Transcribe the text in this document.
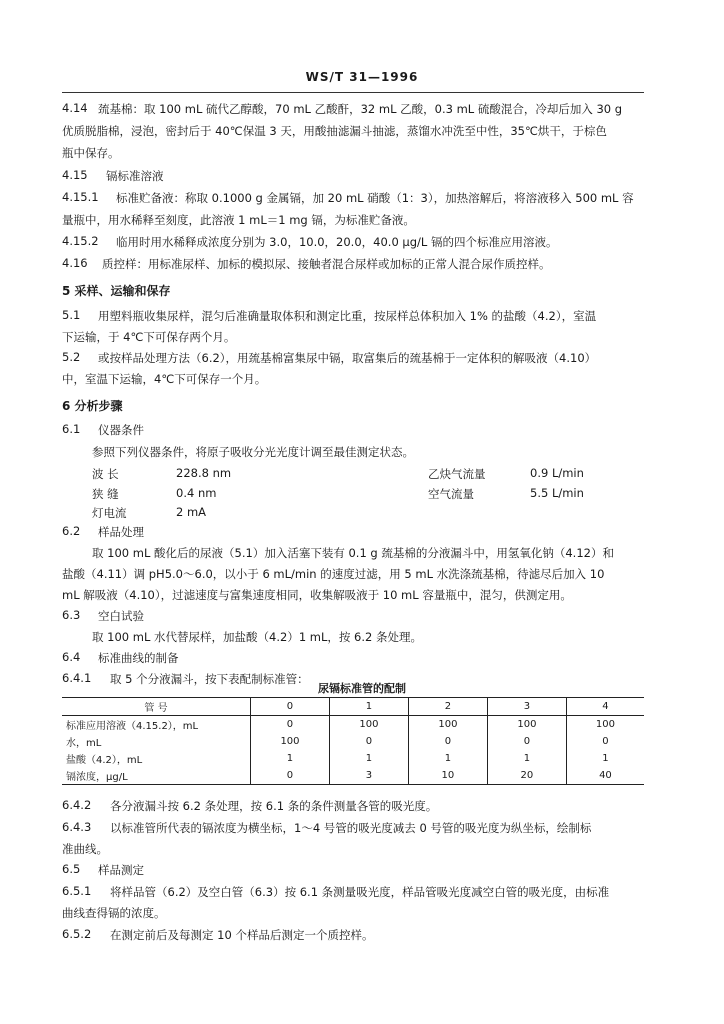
WS/T 31—1996
4.14 巯基棉：取 100 mL 硫代乙醇酸，70 mL 乙酸酐，32 mL 乙酸，0.3 mL 硫酸混合，冷却后加入 30 g
优质脱脂棉，浸泡，密封后于 40℃保温 3 天，用酸抽滤漏斗抽滤，蒸馏水冲洗至中性，35℃烘干，于棕色
瓶中保存。
4.15 镉标准溶液
4.15.1 标准贮备液：称取 0.1000 g 金属镉，加 20 mL 硝酸（1：3），加热溶解后，将溶液移入 500 mL 容
量瓶中，用水稀释至刻度，此溶液 1 mL＝1 mg 镉，为标准贮备液。
4.15.2 临用时用水稀释成浓度分别为 3.0，10.0，20.0，40.0 μg/L 镉的四个标准应用溶液。
4.16 质控样：用标准尿样、加标的模拟尿、接触者混合尿样或加标的正常人混合尿作质控样。
5 采样、运输和保存
5.1 用塑料瓶收集尿样，混匀后准确量取体积和测定比重，按尿样总体积加入 1% 的盐酸（4.2），室温
下运输，于 4℃下可保存两个月。
5.2 或按样品处理方法（6.2），用巯基棉富集尿中镉，取富集后的巯基棉于一定体积的解吸液（4.10）
中，室温下运输，4℃下可保存一个月。
6 分析步骤
6.1 仪器条件
参照下列仪器条件，将原子吸收分光光度计调至最佳测定状态。
波 长	228.8 nm	乙炔气流量	0.9 L/min
狭 缝	0.4 nm	空气流量	5.5 L/min
灯电流	2 mA
6.2 样品处理
取 100 mL 酸化后的尿液（5.1）加入活塞下装有 0.1 g 巯基棉的分液漏斗中，用氢氧化钠（4.12）和
盐酸（4.11）调 pH5.0～6.0，以小于 6 mL/min 的速度过滤，用 5 mL 水洗涤巯基棉，待滤尽后加入 10
mL 解吸液（4.10），过滤速度与富集速度相同，收集解吸液于 10 mL 容量瓶中，混匀，供测定用。
6.3 空白试验
取 100 mL 水代替尿样，加盐酸（4.2）1 mL，按 6.2 条处理。
6.4 标准曲线的制备
6.4.1 取 5 个分液漏斗，按下表配制标准管：
尿镉标准管的配制
管 号	0	1	2	3	4
标准应用溶液（4.15.2），mL	0	100	100	100	100
水，mL	100	0	0	0	0
盐酸（4.2），mL	1	1	1	1	1
镉浓度，μg/L	0	3	10	20	40
6.4.2 各分液漏斗按 6.2 条处理，按 6.1 条的条件测量各管的吸光度。
6.4.3 以标准管所代表的镉浓度为横坐标，1～4 号管的吸光度减去 0 号管的吸光度为纵坐标，绘制标
准曲线。
6.5 样品测定
6.5.1 将样品管（6.2）及空白管（6.3）按 6.1 条测量吸光度，样品管吸光度减空白管的吸光度，由标准
曲线查得镉的浓度。
6.5.2 在测定前后及每测定 10 个样品后测定一个质控样。
